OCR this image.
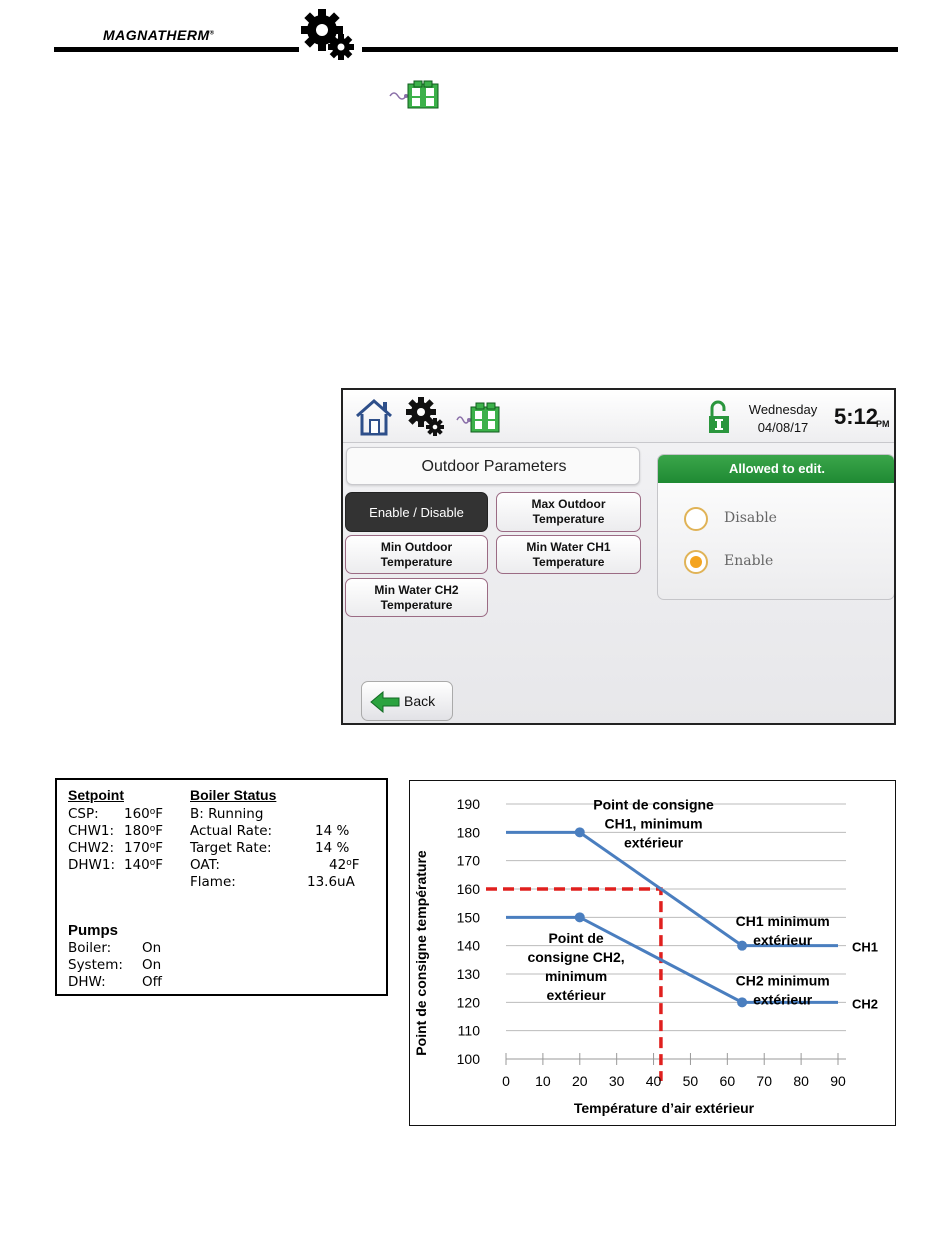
MAGNATHERM®
Wednesday
04/08/17	5:12
PM
Outdoor Parameters
Enable / Disable
Min Outdoor Temperature
Min Water CH2 Temperature
Max Outdoor Temperature
Min Water CH1 Temperature
Allowed to edit.
Disable
Enable
Back
Setpoint
CSP: 160$^o$F
CHW1: 180$^o$F
CHW2: 170$^o$F
DHW1: 140$^o$F
Boiler Status
B: Running
Actual Rate:	14 %
Target Rate:	14 %
OAT:	42$^o$F
Flame:	13.6uA
Pumps
Boiler: On
System: On
DHW:	Off
CH1
CH2
100
110
120
130
140
150
160
170
180
190
0 10 20 30 40 50 60 70 80 90
Point de consigne CH1, minimum extérieur
CH1 minimum extérieur
Point de consigne CH2, minimum extérieur
CH2 minimum extérieur
Point de consigne température
Température d’air extérieur
